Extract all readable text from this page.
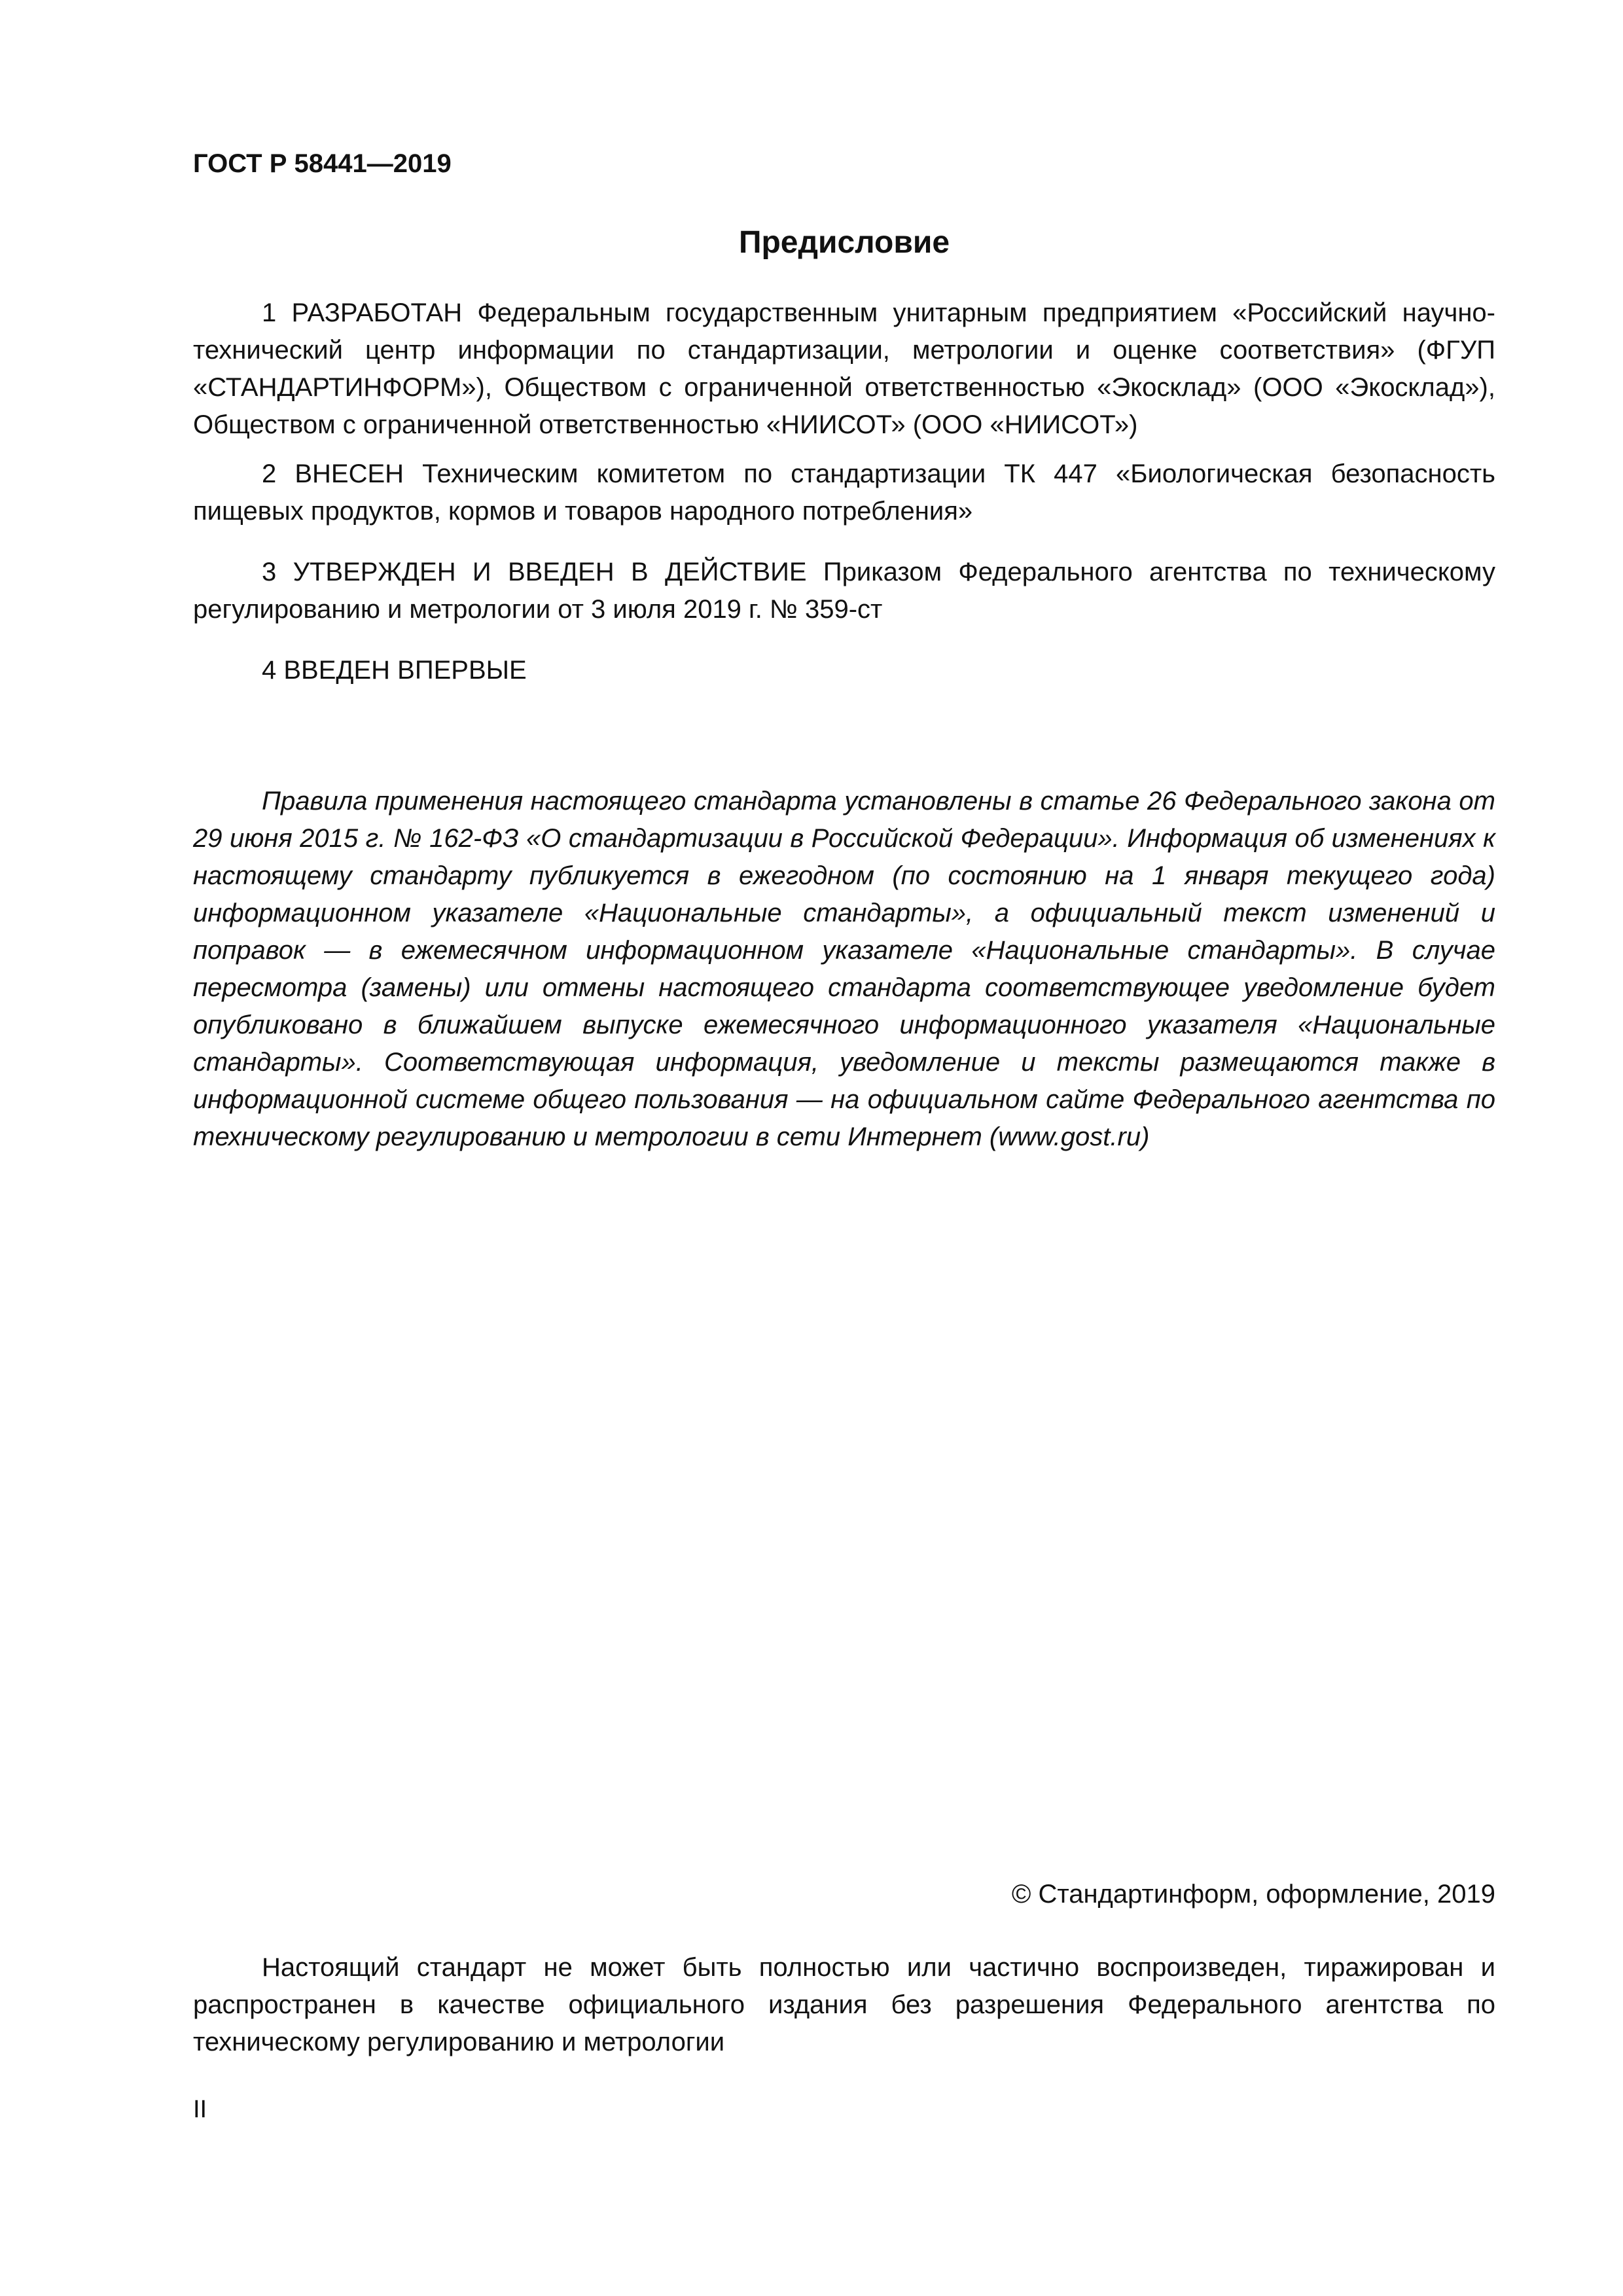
ГОСТ Р 58441—2019

Предисловие

1 РАЗРАБОТАН Федеральным государственным унитарным предприятием «Российский научно-технический центр информации по стандартизации, метрологии и оценке соответствия» (ФГУП «СТАНДАРТИНФОРМ»), Обществом с ограниченной ответственностью «Экосклад» (ООО «Экосклад»), Обществом с ограниченной ответственностью «НИИСОТ» (ООО «НИИСОТ»)

2 ВНЕСЕН Техническим комитетом по стандартизации ТК 447 «Биологическая безопасность пищевых продуктов, кормов и товаров народного потребления»

3 УТВЕРЖДЕН И ВВЕДЕН В ДЕЙСТВИЕ Приказом Федерального агентства по техническому регулированию и метрологии от 3 июля 2019 г. № 359-ст

4 ВВЕДЕН ВПЕРВЫЕ

Правила применения настоящего стандарта установлены в статье 26 Федерального закона от 29 июня 2015 г. № 162-ФЗ «О стандартизации в Российской Федерации». Информация об изменениях к настоящему стандарту публикуется в ежегодном (по состоянию на 1 января текущего года) информационном указателе «Национальные стандарты», а официальный текст изменений и поправок — в ежемесячном информационном указателе «Национальные стандарты». В случае пересмотра (замены) или отмены настоящего стандарта соответствующее уведомление будет опубликовано в ближайшем выпуске ежемесячного информационного указателя «Национальные стандарты». Соответствующая информация, уведомление и тексты размещаются также в информационной системе общего пользования — на официальном сайте Федерального агентства по техническому регулированию и метрологии в сети Интернет (www.gost.ru)

© Стандартинформ, оформление, 2019

Настоящий стандарт не может быть полностью или частично воспроизведен, тиражирован и распространен в качестве официального издания без разрешения Федерального агентства по техническому регулированию и метрологии

II
